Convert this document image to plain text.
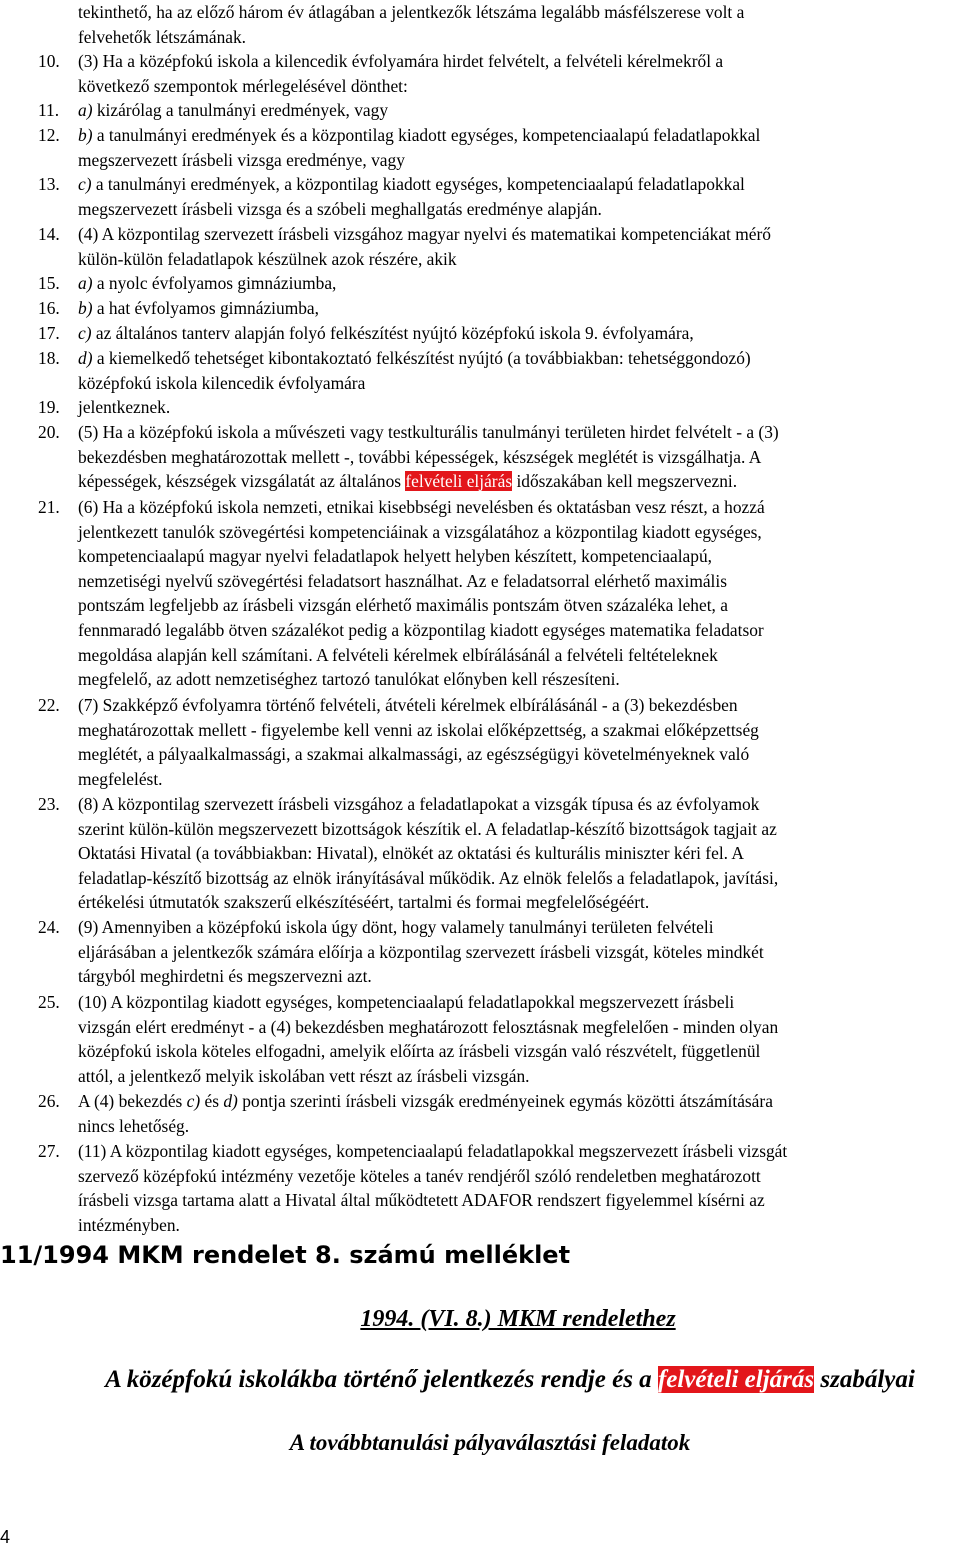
tekinthető, ha az előző három év átlagában a jelentkezők létszáma legalább másfélszerese volt a
felvehetők létszámának.
10. (3) Ha a középfokú iskola a kilencedik évfolyamára hirdet felvételt, a felvételi kérelmekről a
következő szempontok mérlegelésével dönthet:
11. a) kizárólag a tanulmányi eredmények, vagy
12. b) a tanulmányi eredmények és a központilag kiadott egységes, kompetenciaalapú feladatlapokkal
megszervezett írásbeli vizsga eredménye, vagy
13. c) a tanulmányi eredmények, a központilag kiadott egységes, kompetenciaalapú feladatlapokkal
megszervezett írásbeli vizsga és a szóbeli meghallgatás eredménye alapján.
14. (4) A központilag szervezett írásbeli vizsgához magyar nyelvi és matematikai kompetenciákat mérő
külön-külön feladatlapok készülnek azok részére, akik
15. a) a nyolc évfolyamos gimnáziumba,
16. b) a hat évfolyamos gimnáziumba,
17. c) az általános tanterv alapján folyó felkészítést nyújtó középfokú iskola 9. évfolyamára,
18. d) a kiemelkedő tehetséget kibontakoztató felkészítést nyújtó (a továbbiakban: tehetséggondozó)
középfokú iskola kilencedik évfolyamára
19. jelentkeznek.
20. (5) Ha a középfokú iskola a művészeti vagy testkulturális tanulmányi területen hirdet felvételt - a (3)
bekezdésben meghatározottak mellett -, további képességek, készségek meglétét is vizsgálhatja. A
képességek, készségek vizsgálatát az általános felvételi eljárás időszakában kell megszervezni.
21. (6) Ha a középfokú iskola nemzeti, etnikai kisebbségi nevelésben és oktatásban vesz részt, a hozzá
jelentkezett tanulók szövegértési kompetenciáinak a vizsgálatához a központilag kiadott egységes,
kompetenciaalapú magyar nyelvi feladatlapok helyett helyben készített, kompetenciaalapú,
nemzetiségi nyelvű szövegértési feladatsort használhat. Az e feladatsorral elérhető maximális
pontszám legfeljebb az írásbeli vizsgán elérhető maximális pontszám ötven százaléka lehet, a
fennmaradó legalább ötven százalékot pedig a központilag kiadott egységes matematika feladatsor
megoldása alapján kell számítani. A felvételi kérelmek elbírálásánál a felvételi feltételeknek
megfelelő, az adott nemzetiséghez tartozó tanulókat előnyben kell részesíteni.
22. (7) Szakképző évfolyamra történő felvételi, átvételi kérelmek elbírálásánál - a (3) bekezdésben
meghatározottak mellett - figyelembe kell venni az iskolai előképzettség, a szakmai előképzettség
meglétét, a pályaalkalmassági, a szakmai alkalmassági, az egészségügyi követelményeknek való
megfelelést.
23. (8) A központilag szervezett írásbeli vizsgához a feladatlapokat a vizsgák típusa és az évfolyamok
szerint külön-külön megszervezett bizottságok készítik el. A feladatlap-készítő bizottságok tagjait az
Oktatási Hivatal (a továbbiakban: Hivatal), elnökét az oktatási és kulturális miniszter kéri fel. A
feladatlap-készítő bizottság az elnök irányításával működik. Az elnök felelős a feladatlapok, javítási,
értékelési útmutatók szakszerű elkészítéséért, tartalmi és formai megfelelőségéért.
24. (9) Amennyiben a középfokú iskola úgy dönt, hogy valamely tanulmányi területen felvételi
eljárásában a jelentkezők számára előírja a központilag szervezett írásbeli vizsgát, köteles mindkét
tárgyból meghirdetni és megszervezni azt.
25. (10) A központilag kiadott egységes, kompetenciaalapú feladatlapokkal megszervezett írásbeli
vizsgán elért eredményt - a (4) bekezdésben meghatározott felosztásnak megfelelően - minden olyan
középfokú iskola köteles elfogadni, amelyik előírta az írásbeli vizsgán való részvételt, függetlenül
attól, a jelentkező melyik iskolában vett részt az írásbeli vizsgán.
26. A (4) bekezdés c) és d) pontja szerinti írásbeli vizsgák eredményeinek egymás közötti átszámítására
nincs lehetőség.
27. (11) A központilag kiadott egységes, kompetenciaalapú feladatlapokkal megszervezett írásbeli vizsgát
szervező középfokú intézmény vezetője köteles a tanév rendjéről szóló rendeletben meghatározott
írásbeli vizsga tartama alatt a Hivatal által működtetett ADAFOR rendszert figyelemmel kísérni az
intézményben.
11/1994 MKM rendelet 8. számú melléklet
1994. (VI. 8.) MKM rendelethez
A középfokú iskolákba történő jelentkezés rendje és a felvételi eljárás szabályai
A továbbtanulási pályaválasztási feladatok
4
